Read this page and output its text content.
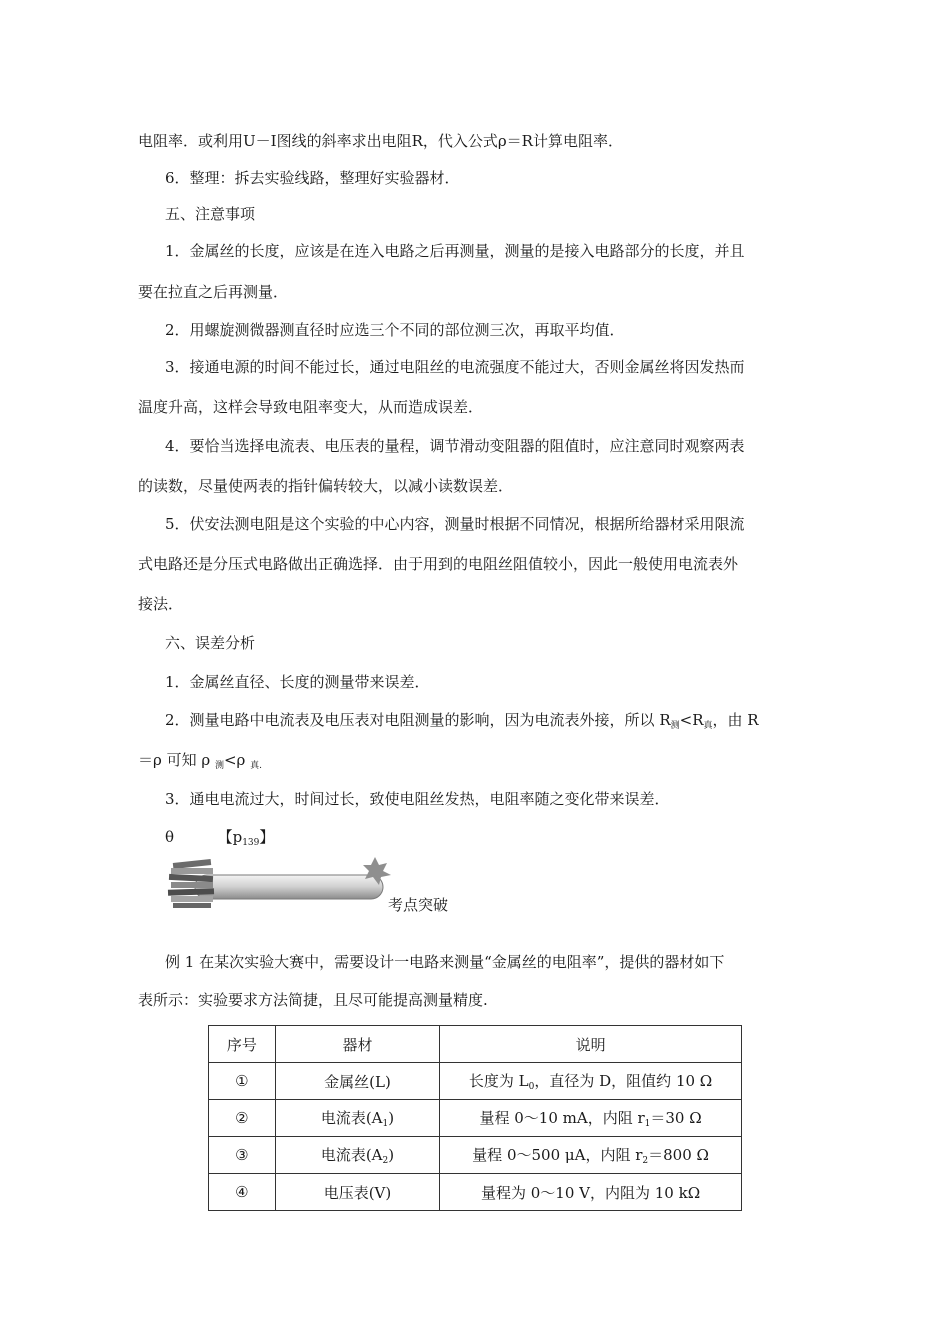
电阻率．或利用U－I图线的斜率求出电阻R，代入公式ρ＝R计算电阻率．
6．整理：拆去实验线路，整理好实验器材．
五、注意事项
1．金属丝的长度，应该是在连入电路之后再测量，测量的是接入电路部分的长度，并且
要在拉直之后再测量．
2．用螺旋测微器测直径时应选三个不同的部位测三次，再取平均值．
3．接通电源的时间不能过长，通过电阻丝的电流强度不能过大，否则金属丝将因发热而
温度升高，这样会导致电阻率变大，从而造成误差．
4．要恰当选择电流表、电压表的量程，调节滑动变阻器的阻值时，应注意同时观察两表
的读数，尽量使两表的指针偏转较大，以减小读数误差．
5．伏安法测电阻是这个实验的中心内容，测量时根据不同情况，根据所给器材采用限流
式电路还是分压式电路做出正确选择．由于用到的电阻丝阻值较小，因此一般使用电流表外
接法．
六、误差分析
1．金属丝直径、长度的测量带来误差．
2．测量电路中电流表及电压表对电阻测量的影响，因为电流表外接，所以 $R_测<R_真$，由 R
＝ρ 可知 ρ $_测$<ρ $_{真.}$
3．通电电流过大，时间过长，致使电阻丝发热，电阻率随之变化带来误差．
θ	【$p_{139}$】
考点突破
例 1 在某次实验大赛中，需要设计一电路来测量“金属丝的电阻率”，提供的器材如下
表所示：实验要求方法简捷，且尽可能提高测量精度.
序号	器材	说明
①	金属丝(L)	长度为 $L_0$，直径为 D，阻值约 10 Ω
②	电流表$(A_1)$	量程 0～10 mA，内阻 $r_1=30$ Ω
③	电流表$(A_2)$	量程 0～500 μA，内阻 $r_2=800$ Ω
④	电压表(V)	量程为 0～10 V，内阻为 10 kΩ
